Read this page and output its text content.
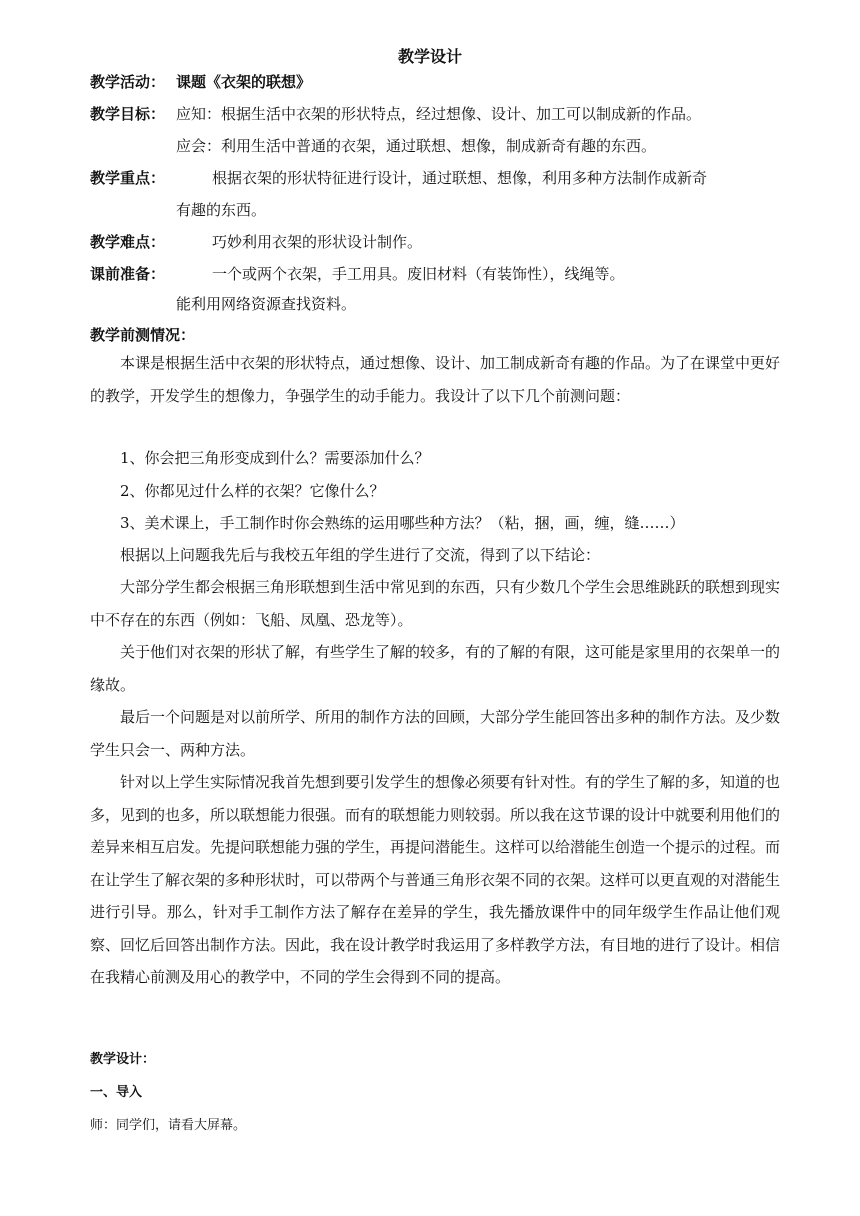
教学设计
教学活动： 课题《衣架的联想》
教学目标： 应知：根据生活中衣架的形状特点，经过想像、设计、加工可以制成新的作品。
应会：利用生活中普通的衣架，通过联想、想像，制成新奇有趣的东西。
教学重点：	根据衣架的形状特征进行设计，通过联想、想像，利用多种方法制作成新奇
有趣的东西。
教学难点：	巧妙利用衣架的形状设计制作。
课前准备：	一个或两个衣架，手工用具。废旧材料（有装饰性），线绳等。
能利用网络资源查找资料。
教学前测情况：
本课是根据生活中衣架的形状特点，通过想像、设计、加工制成新奇有趣的作品。为了在课堂中更好的教学，开发学生的想像力，争强学生的动手能力。我设计了以下几个前测问题：
1、你会把三角形变成到什么？需要添加什么？
2、你都见过什么样的衣架？它像什么？
3、美术课上，手工制作时你会熟练的运用哪些种方法？（粘，捆，画，缠，缝……）
根据以上问题我先后与我校五年组的学生进行了交流，得到了以下结论：
大部分学生都会根据三角形联想到生活中常见到的东西，只有少数几个学生会思维跳跃的联想到现实中不存在的东西（例如：飞船、凤凰、恐龙等）。
关于他们对衣架的形状了解，有些学生了解的较多，有的了解的有限，这可能是家里用的衣架单一的缘故。
最后一个问题是对以前所学、所用的制作方法的回顾，大部分学生能回答出多种的制作方法。及少数学生只会一、两种方法。
针对以上学生实际情况我首先想到要引发学生的想像必须要有针对性。有的学生了解的多，知道的也多，见到的也多，所以联想能力很强。而有的联想能力则较弱。所以我在这节课的设计中就要利用他们的差异来相互启发。先提问联想能力强的学生，再提问潜能生。这样可以给潜能生创造一个提示的过程。而在让学生了解衣架的多种形状时，可以带两个与普通三角形衣架不同的衣架。这样可以更直观的对潜能生进行引导。那么，针对手工制作方法了解存在差异的学生，我先播放课件中的同年级学生作品让他们观察、回忆后回答出制作方法。因此，我在设计教学时我运用了多样教学方法，有目地的进行了设计。相信在我精心前测及用心的教学中，不同的学生会得到不同的提高。
教学设计：
一、导入
师：同学们，请看大屏幕。
